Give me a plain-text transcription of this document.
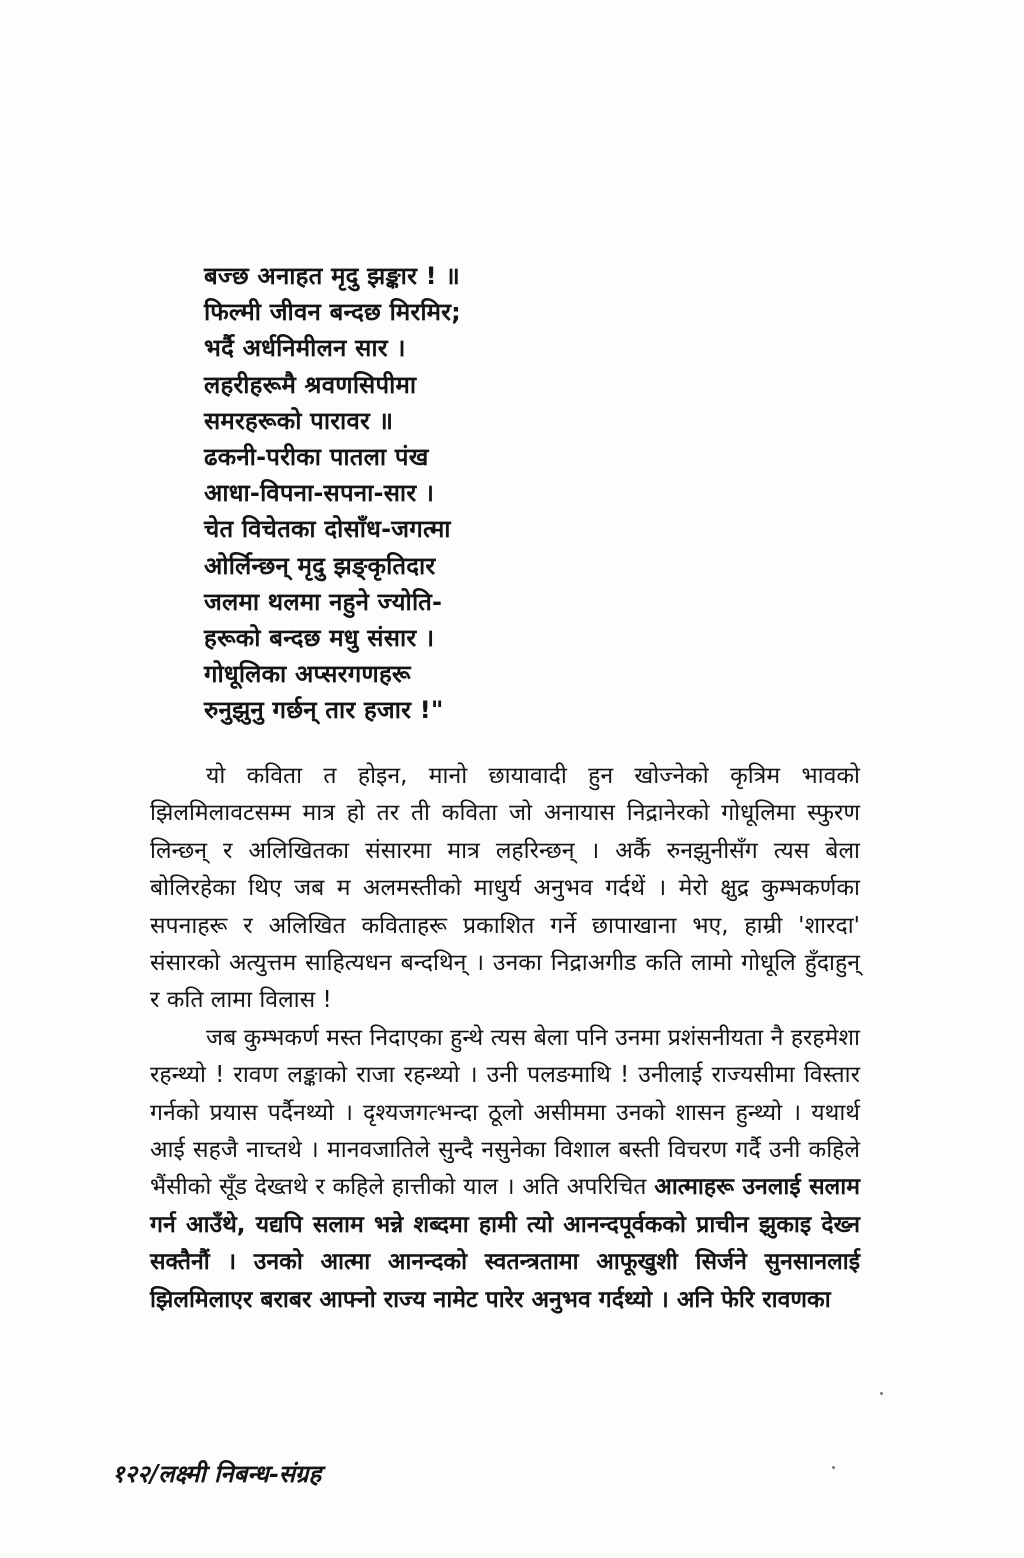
बज्छ अनाहत मृदु झङ्कार ! ॥
फिल्मी जीवन बन्दछ मिरमिर;
भर्दै अर्धनिमीलन सार ।
लहरीहरूमै श्रवणसिपीमा
समरहरूको पारावर ॥
ढकनी-परीका पातला पंख
आधा-विपना-सपना-सार ।
चेत विचेतका दोसाँध-जगत्मा
ओर्लिन्छन् मृदु झङ्कृतिदार
जलमा थलमा नहुने ज्योति-
हरूको बन्दछ मधु संसार ।
गोधूलिका अप्सरगणहरू
रुनुझुनु गर्छन् तार हजार !"

यो कविता त होइन, मानो छायावादी हुन खोज्नेको कृत्रिम भावको झिलमिलावटसम्म मात्र हो तर ती कविता जो अनायास निद्रानेरको गोधूलिमा स्फुरण लिन्छन् र अलिखितका संसारमा मात्र लहरिन्छन् । अर्कै रुनझुनीसँग त्यस बेला बोलिरहेका थिए जब म अलमस्तीको माधुर्य अनुभव गर्दथें । मेरो क्षुद्र कुम्भकर्णका सपनाहरू र अलिखित कविताहरू प्रकाशित गर्ने छापाखाना भए, हाम्री 'शारदा' संसारको अत्युत्तम साहित्यधन बन्दथिन् । उनका निद्राअगीड कति लामो गोधूलि हुँदाहुन् र कति लामा विलास !

जब कुम्भकर्ण मस्त निदाएका हुन्थे त्यस बेला पनि उनमा प्रशंसनीयता नै हरहमेशा रहन्थ्यो ! रावण लङ्काको राजा रहन्थ्यो । उनी पलङमाथि ! उनीलाई राज्यसीमा विस्तार गर्नको प्रयास पर्दैनथ्यो । दृश्यजगत्भन्दा ठूलो असीममा उनको शासन हुन्थ्यो । यथार्थ आई सहजै नाच्तथे । मानवजातिले सुन्दै नसुनेका विशाल बस्ती विचरण गर्दै उनी कहिले भैंसीको सूँड देख्तथे र कहिले हात्तीको याल । अति अपरिचित आत्माहरू उनलाई सलाम गर्न आउँथे, यद्यपि सलाम भन्ने शब्दमा हामी त्यो आनन्दपूर्वकको प्राचीन झुकाइ देख्न सक्तैनौं । उनको आत्मा आनन्दको स्वतन्त्रतामा आफूखुशी सिर्जने सुनसानलाई झिलमिलाएर बराबर आफ्नो राज्य नामेट पारेर अनुभव गर्दथ्यो । अनि फेरि रावणका

१२२/लक्ष्मी निबन्ध-संग्रह
